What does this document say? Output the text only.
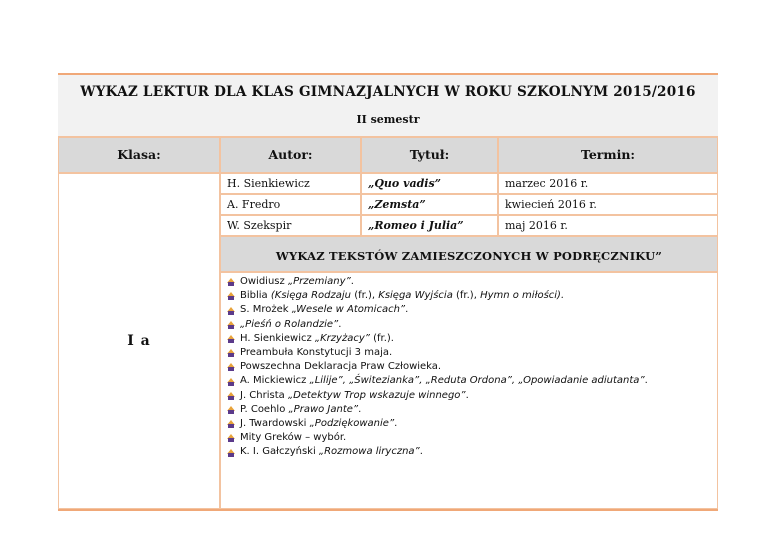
WYKAZ LEKTUR DLA KLAS GIMNAZJALNYCH W ROKU SZKOLNYM 2015/2016
II semestr
Klasa:	Autor:	Tytuł:	Termin:
I a
H. Sienkiewicz	„Quo vadis”	marzec 2016 r.
A. Fredro	„Zemsta”	kwiecień 2016 r.
W. Szekspir	„Romeo i Julia”	maj 2016 r.
WYKAZ TEKSTÓW ZAMIESZCZONYCH W PODRĘCZNIKU”
Owidiusz „Przemiany”.
Biblia (Księga Rodzaju (fr.), Księga Wyjścia (fr.), Hymn o miłości).
S. Mrożek „Wesele w Atomicach”.
„Pieśń o Rolandzie”.
H. Sienkiewicz „Krzyżacy” (fr.).
Preambuła Konstytucji 3 maja.
Powszechna Deklaracja Praw Człowieka.
A. Mickiewicz „Lilije”, „Świtezianka”, „Reduta Ordona”, „Opowiadanie adiutanta”.
J. Christa „Detektyw Trop wskazuje winnego”.
P. Coehlo „Prawo Jante”.
J. Twardowski „Podziękowanie”.
Mity Greków – wybór.
K. I. Gałczyński „Rozmowa liryczna”.
